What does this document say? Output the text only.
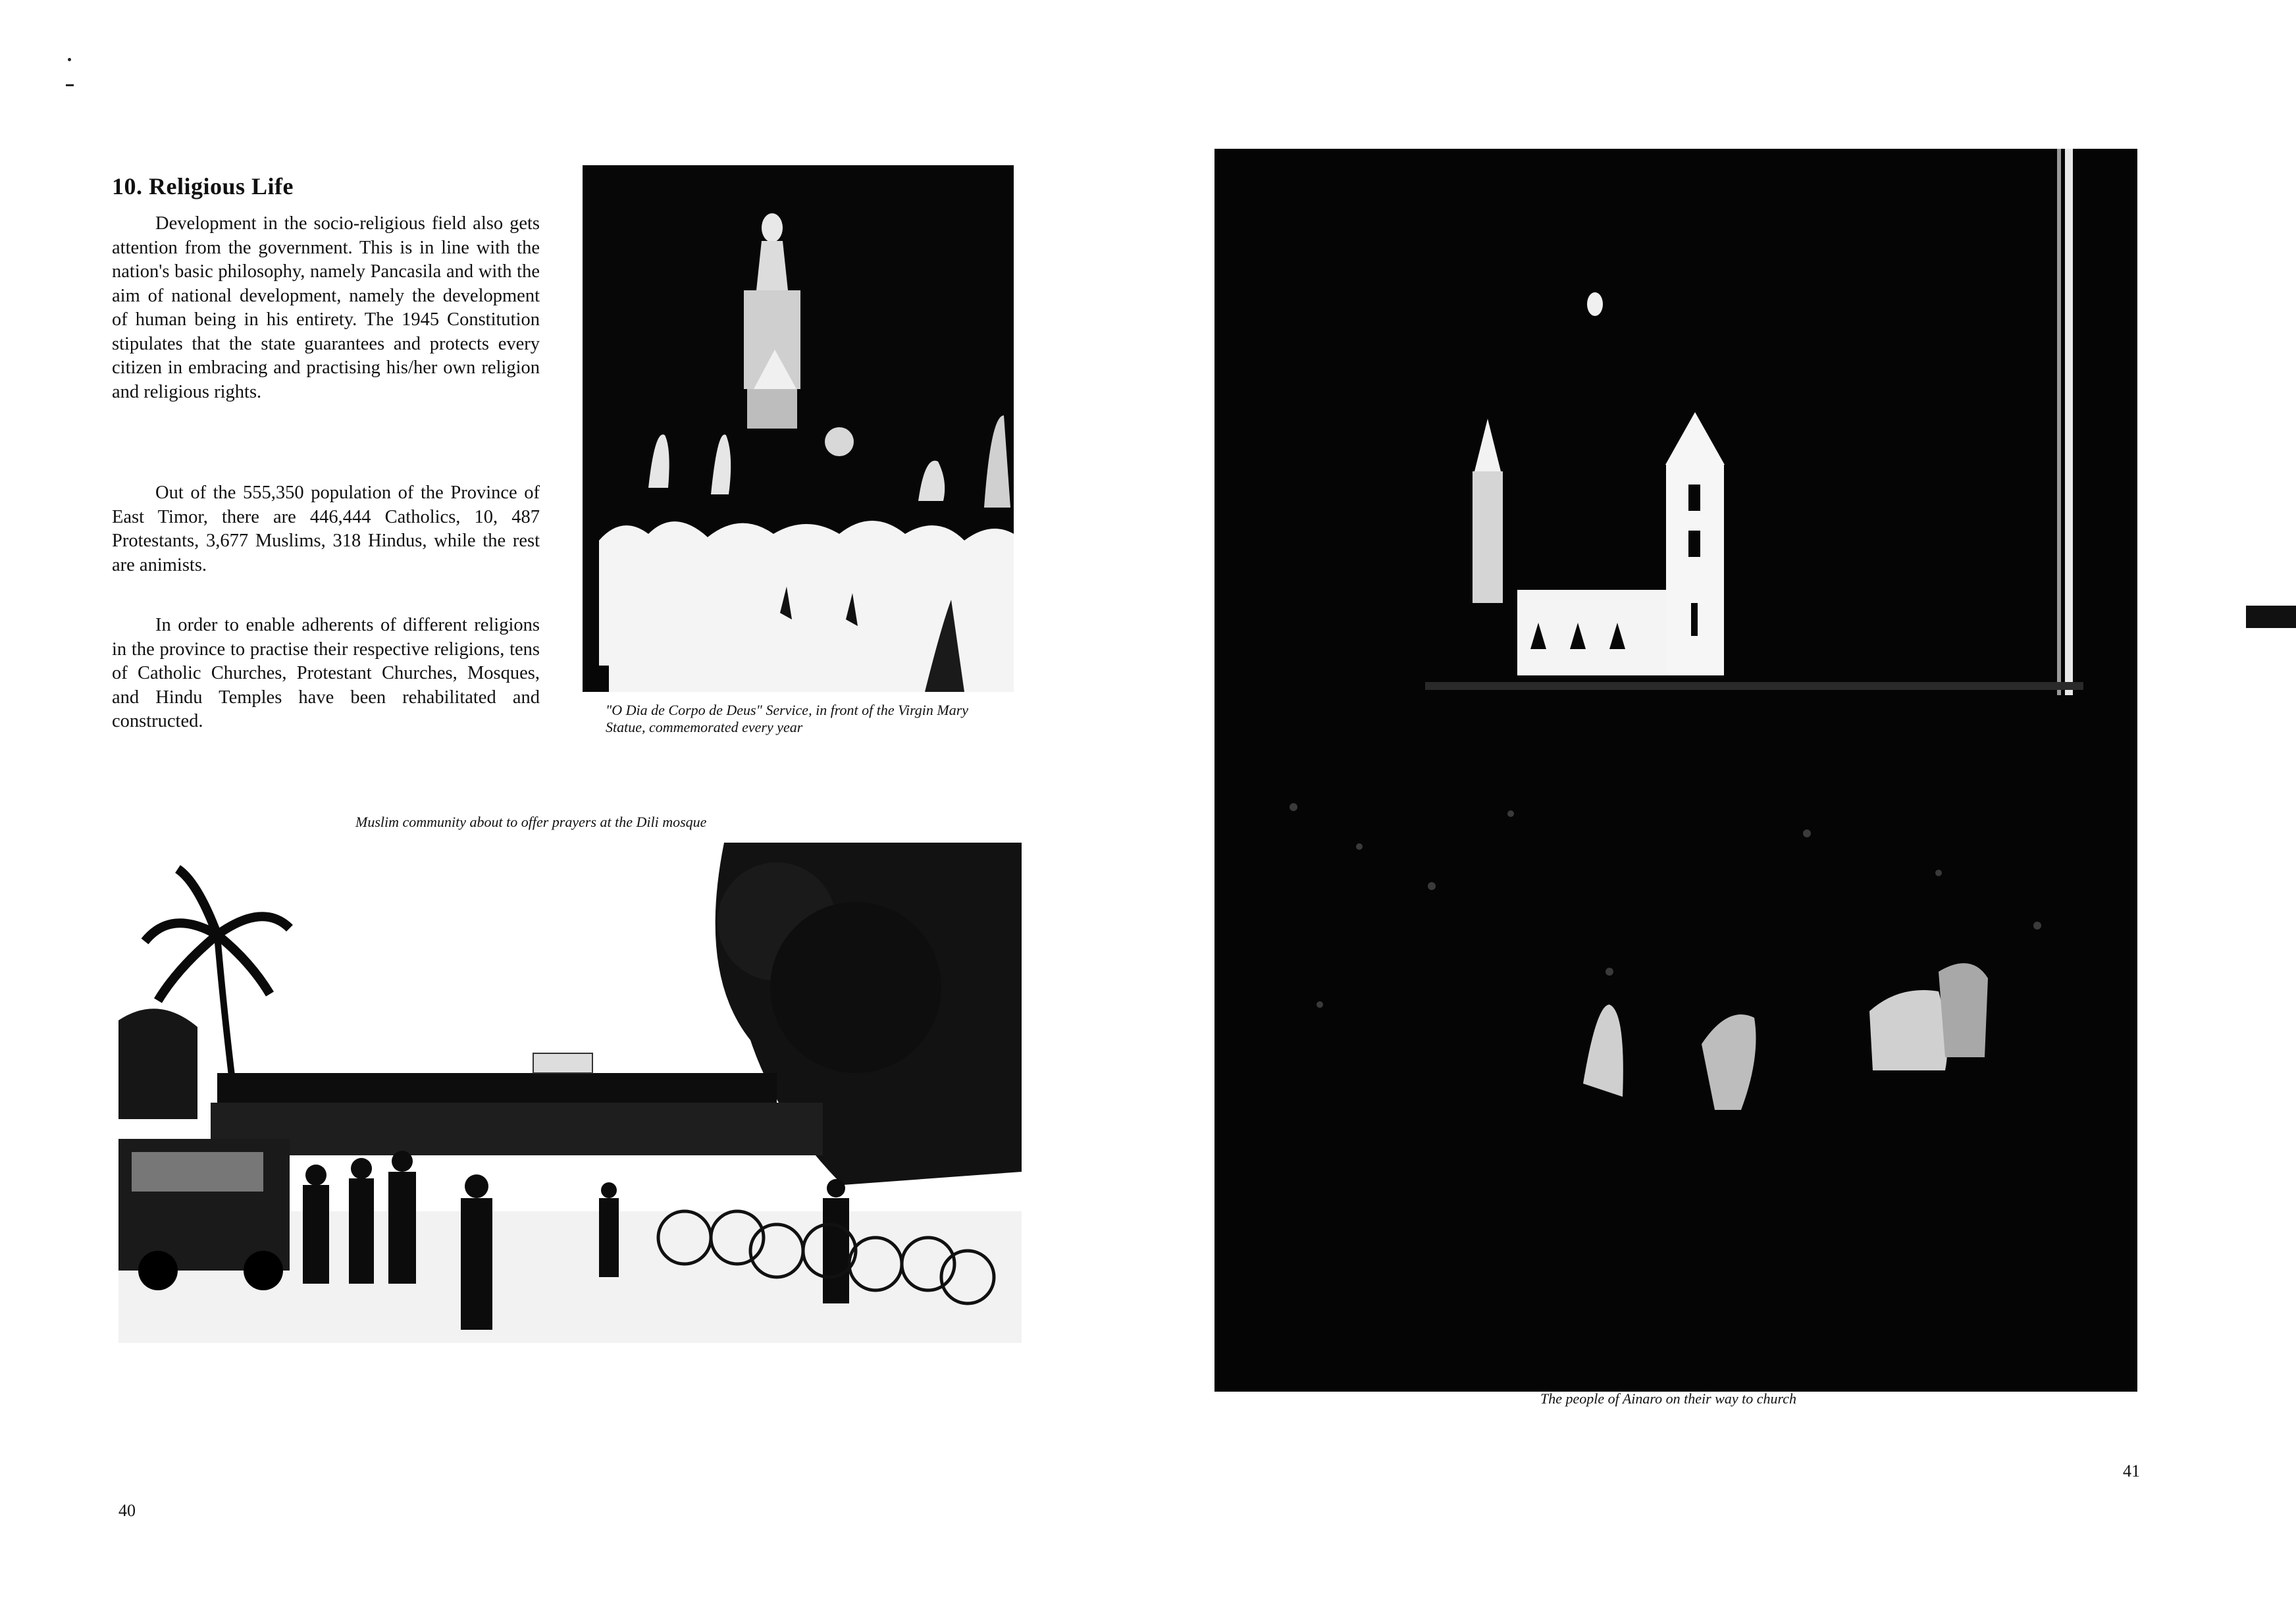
10. Religious Life
Development in the socio-religious field also gets attention from the government. This is in line with the nation's basic philosophy, namely Pancasila and with the aim of national development, namely the development of human being in his entirety. The 1945 Constitution stipulates that the state guarantees and protects every citizen in embracing and practising his/her own religion and religious rights.
Out of the 555,350 population of the Province of East Timor, there are 446,444 Catholics, 10, 487 Protestants, 3,677 Muslims, 318 Hindus, while the rest are animists.
In order to enable adherents of different religions in the province to practise their respective religions, tens of Catholic Churches, Protestant Churches, Mosques, and Hindu Temples have been rehabilitated and constructed.
"O Dia de Corpo de Deus" Service, in front of the Virgin Mary Statue, commemorated every year
Muslim community about to offer prayers at the Dili mosque
40
The people of Ainaro on their way to church
41
